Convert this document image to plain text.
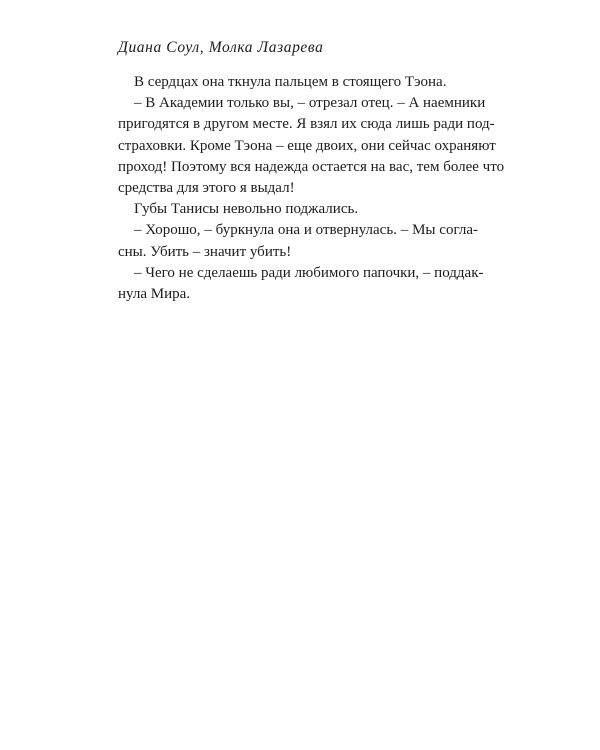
Диана Соул, Молка Лазарева
В сердцах она ткнула пальцем в стоящего Тэона.
– В Академии только вы, – отрезал отец. – А наемники
пригодятся в другом месте. Я взял их сюда лишь ради под-
страховки. Кроме Тэона – еще двоих, они сейчас охраняют
проход! Поэтому вся надежда остается на вас, тем более что
средства для этого я выдал!
Губы Танисы невольно поджались.
– Хорошо, – буркнула она и отвернулась. – Мы согла-
сны. Убить – значит убить!
– Чего не сделаешь ради любимого папочки, – поддак-
нула Мира.
